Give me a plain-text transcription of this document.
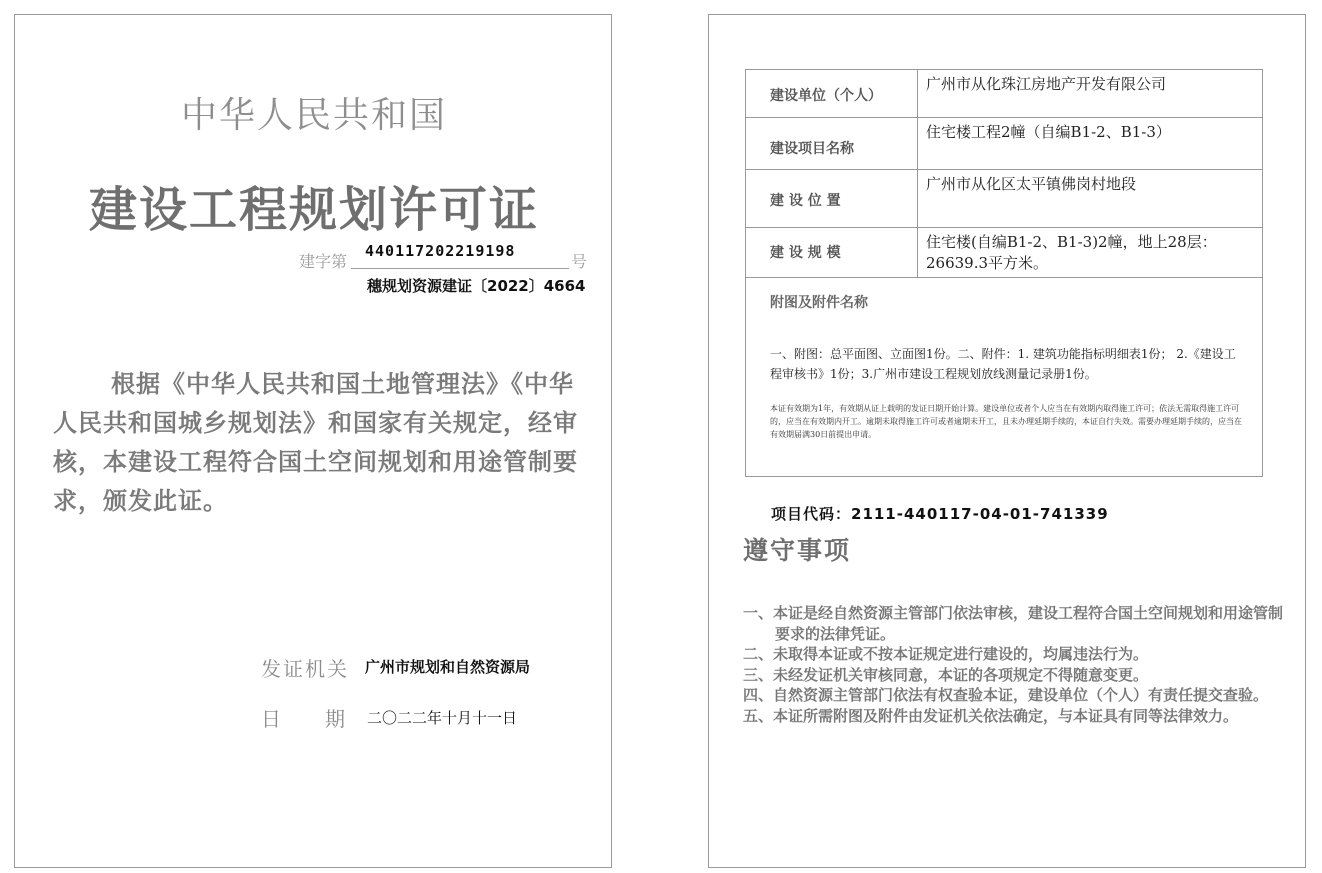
中华人民共和国
建设工程规划许可证
建字第
440117202219198
号
穗规划资源建证〔2022〕4664
根据《中华人民共和国土地管理法》《中华人民共和国城乡规划法》和国家有关规定，经审核，本建设工程符合国土空间规划和用途管制要求，颁发此证。
发证机关 广州市规划和自然资源局
日期
二〇二二年十月十一日
建设单位（个人）
广州市从化珠江房地产开发有限公司
建设项目名称
住宅楼工程2幢（自编B1-2、B1-3）
建 设 位 置
广州市从化区太平镇佛岗村地段
建 设 规 模
住宅楼(自编B1-2、B1-3)2幢，地上28层：26639.3平方米。
附图及附件名称
一、附图：总平面图、立面图1份。二、附件：1. 建筑功能指标明细表1份； 2.《建设工程审核书》1份；3.广州市建设工程规划放线测量记录册1份。
本证有效期为1年，有效期从证上载明的发证日期开始计算。建设单位或者个人应当在有效期内取得施工许可；依法无需取得施工许可的，应当在有效期内开工。逾期未取得施工许可或者逾期未开工，且未办理延期手续的，本证自行失效。需要办理延期手续的，应当在有效期届满30日前提出申请。
项目代码：2111-440117-04-01-741339
遵守事项
一、本证是经自然资源主管部门依法审核，建设工程符合国土空间规划和用途管制要求的法律凭证。
二、未取得本证或不按本证规定进行建设的，均属违法行为。
三、未经发证机关审核同意，本证的各项规定不得随意变更。
四、自然资源主管部门依法有权查验本证，建设单位（个人）有责任提交查验。
五、本证所需附图及附件由发证机关依法确定，与本证具有同等法律效力。
